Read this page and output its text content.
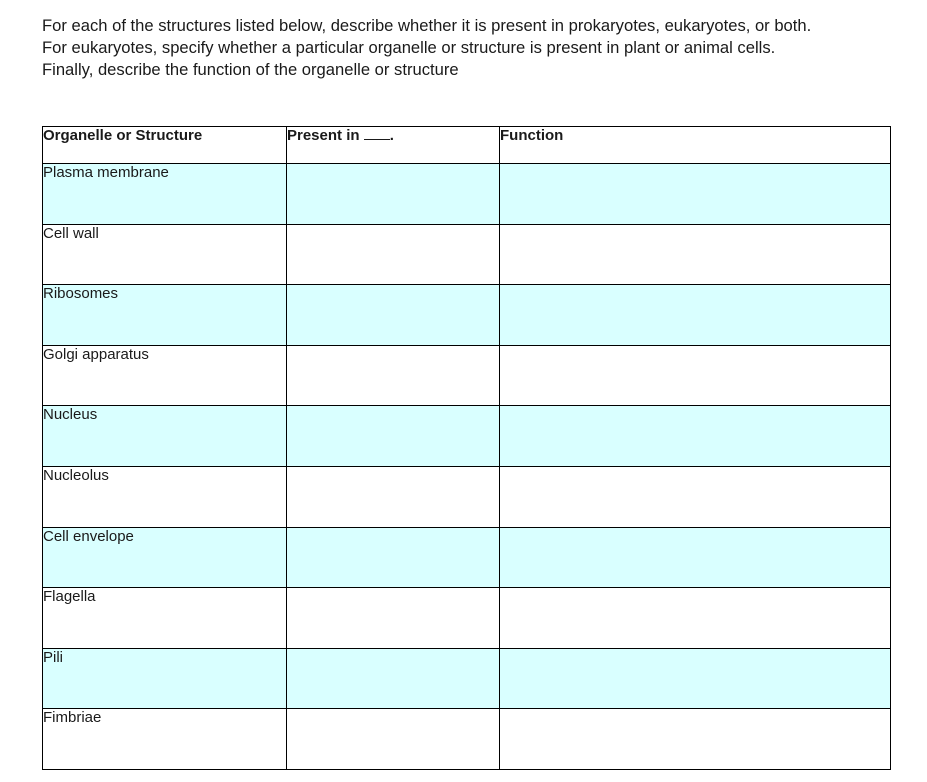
For each of the structures listed below, describe whether it is present in prokaryotes, eukaryotes, or both.
For eukaryotes, specify whether a particular organelle or structure is present in plant or animal cells.
Finally, describe the function of the organelle or structure
Organelle or Structure	Present in .	Function
Plasma membrane		
Cell wall		
Ribosomes		
Golgi apparatus		
Nucleus		
Nucleolus		
Cell envelope		
Flagella		
Pili		
Fimbriae		
